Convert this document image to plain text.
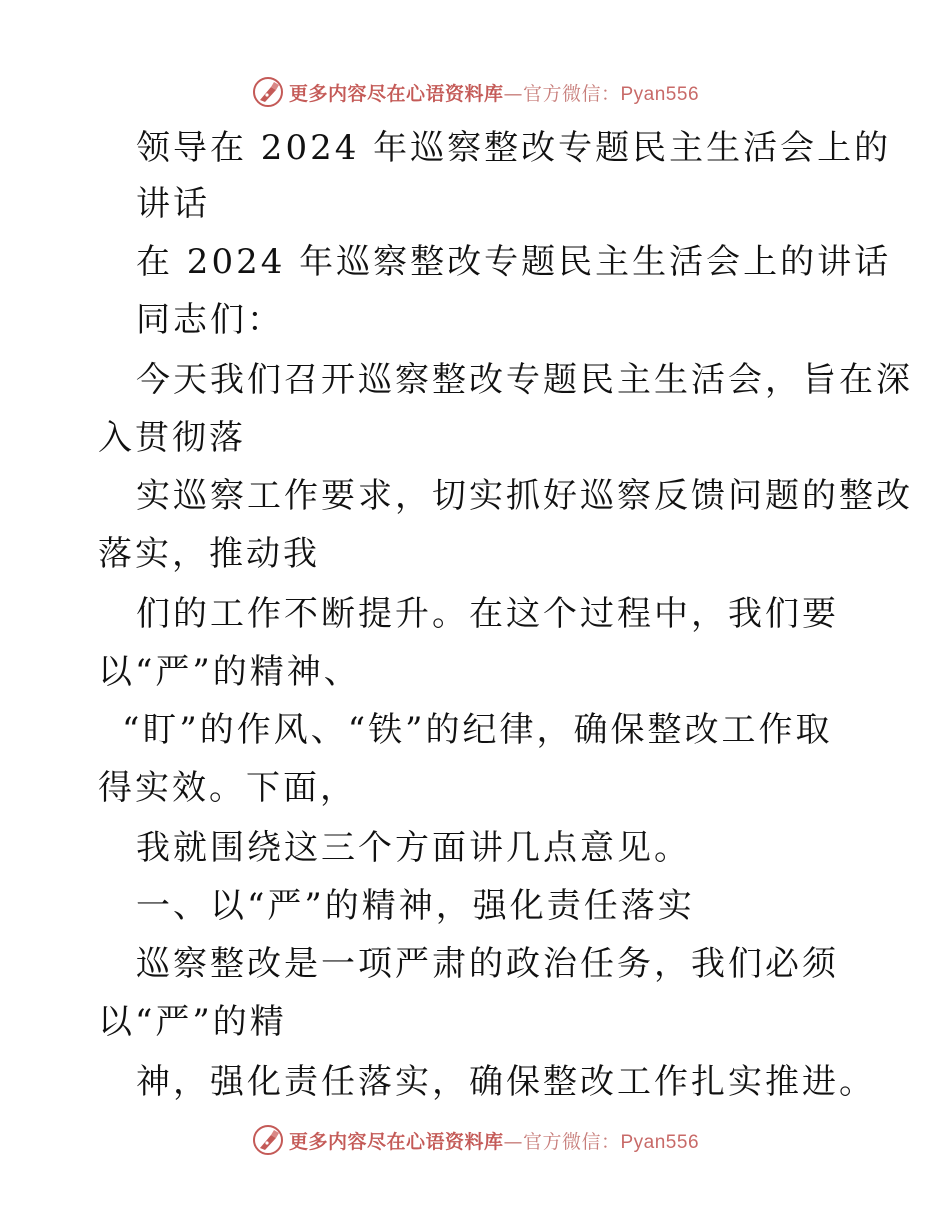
更多内容尽在心语资料库—官方微信：Pyan556
领导在 2024 年巡察整改专题民主生活会上的
讲话
在 2024 年巡察整改专题民主生活会上的讲话
同志们：
今天我们召开巡察整改专题民主生活会，旨在深
入贯彻落
实巡察工作要求，切实抓好巡察反馈问题的整改
落实，推动我
们的工作不断提升。在这个过程中，我们要
以“严”的精神、
“盯”的作风、“铁”的纪律，确保整改工作取
得实效。下面，
我就围绕这三个方面讲几点意见。
一、以“严”的精神，强化责任落实
巡察整改是一项严肃的政治任务，我们必须
以“严”的精
神，强化责任落实，确保整改工作扎实推进。
更多内容尽在心语资料库—官方微信：Pyan556
